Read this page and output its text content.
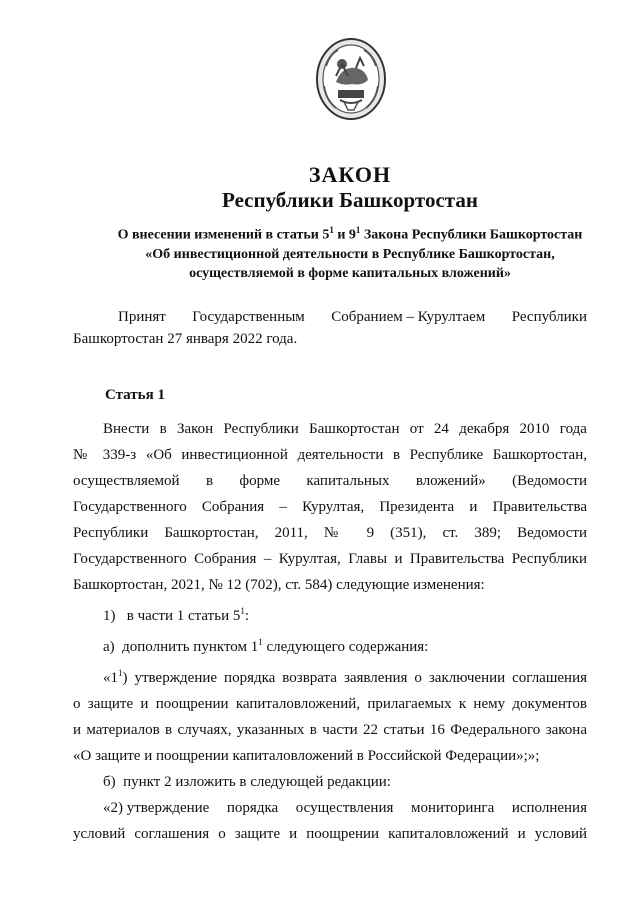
ЗАКОН
Республики Башкортостан
О внесении изменений в статьи $5^1$ и $9^1$ Закона Республики Башкортостан
«Об инвестиционной деятельности в Республике Башкортостан,
осуществляемой в форме капитальных вложений»
Принят Государственным Собранием – Курултаем Республики
Башкортостан 27 января 2022 года.
Статья 1
Внести в Закон Республики Башкортостан от 24 декабря 2010 года
№ 339-з «Об инвестиционной деятельности в Республике Башкортостан,
осуществляемой в форме капитальных вложений» (Ведомости
Государственного Собрания – Курултая, Президента и Правительства
Республики Башкортостан, 2011, № 9 (351), ст. 389; Ведомости
Государственного Собрания – Курултая, Главы и Правительства Республики
Башкортостан, 2021, № 12 (702), ст. 584) следующие изменения:
1)   в части 1 статьи $5^1$:
а)  дополнить пунктом $1^1$ следующего содержания:
«$1^1$) утверждение порядка возврата заявления о заключении соглашения
о защите и поощрении капиталовложений, прилагаемых к нему документов
и материалов в случаях, указанных в части 22 статьи 16 Федерального закона
«О защите и поощрении капиталовложений в Российской Федерации»;»;
б)  пункт 2 изложить в следующей редакции:
«2) утверждение порядка осуществления мониторинга исполнения
условий соглашения о защите и поощрении капиталовложений и условий
